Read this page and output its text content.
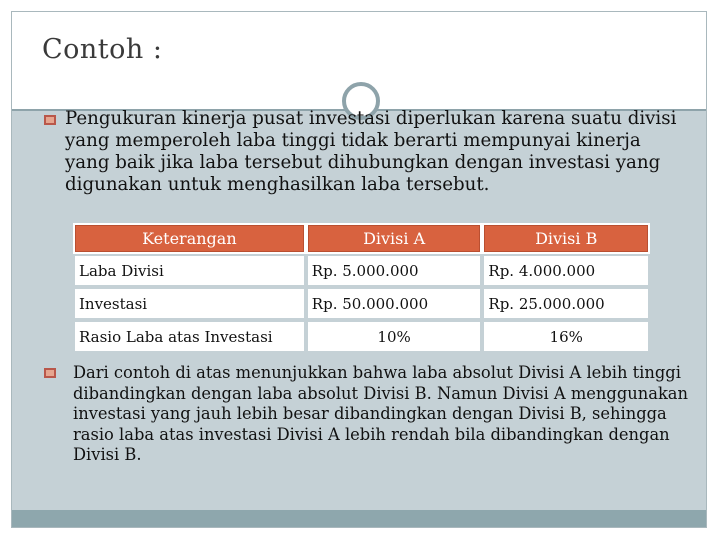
Contoh :
Pengukuran kinerja pusat investasi diperlukan karena suatu divisi yang memperoleh laba tinggi tidak berarti mempunyai kinerja yang baik jika laba tersebut dihubungkan dengan investasi yang digunakan untuk menghasilkan laba tersebut.
Keterangan	Divisi A	Divisi B
Laba Divisi	Rp. 5.000.000	Rp. 4.000.000
Investasi	Rp. 50.000.000	Rp. 25.000.000
Rasio Laba atas Investasi	10%	16%
Dari contoh di atas menunjukkan bahwa laba absolut Divisi A lebih tinggi dibandingkan dengan laba absolut Divisi B. Namun Divisi A menggunakan investasi yang jauh lebih besar dibandingkan dengan Divisi B, sehingga rasio laba atas investasi Divisi A lebih rendah bila dibandingkan dengan Divisi B.
